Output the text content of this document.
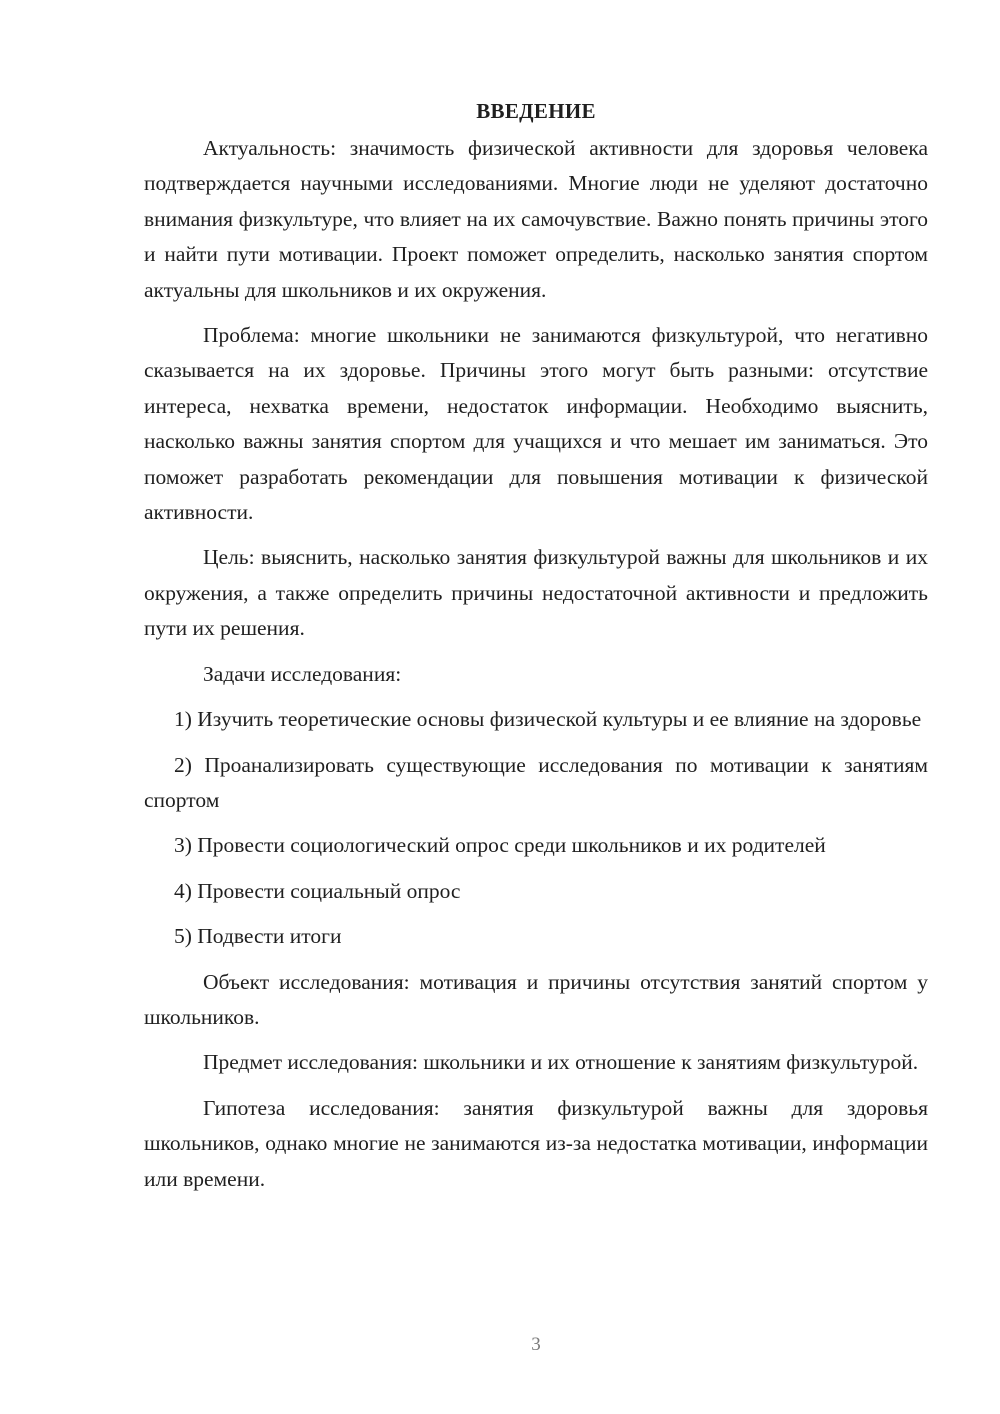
ВВЕДЕНИЕ

Актуальность: значимость физической активности для здоровья человека подтверждается научными исследованиями. Многие люди не уделяют достаточно внимания физкультуре, что влияет на их самочувствие. Важно понять причины этого и найти пути мотивации. Проект поможет определить, насколько занятия спортом актуальны для школьников и их окружения.

Проблема: многие школьники не занимаются физкультурой, что негативно сказывается на их здоровье. Причины этого могут быть разными: отсутствие интереса, нехватка времени, недостаток информации. Необходимо выяснить, насколько важны занятия спортом для учащихся и что мешает им заниматься. Это поможет разработать рекомендации для повышения мотивации к физической активности.

Цель: выяснить, насколько занятия физкультурой важны для школьников и их окружения, а также определить причины недостаточной активности и предложить пути их решения.

Задачи исследования:

1) Изучить теоретические основы физической культуры и ее влияние на здоровье

2) Проанализировать существующие исследования по мотивации к занятиям спортом

3) Провести социологический опрос среди школьников и их родителей

4) Провести социальный опрос

5) Подвести итоги

Объект исследования: мотивация и причины отсутствия занятий спортом у школьников.

Предмет исследования: школьники и их отношение к занятиям физкультурой.

Гипотеза исследования: занятия физкультурой важны для здоровья школьников, однако многие не занимаются из-за недостатка мотивации, информации или времени.

3
